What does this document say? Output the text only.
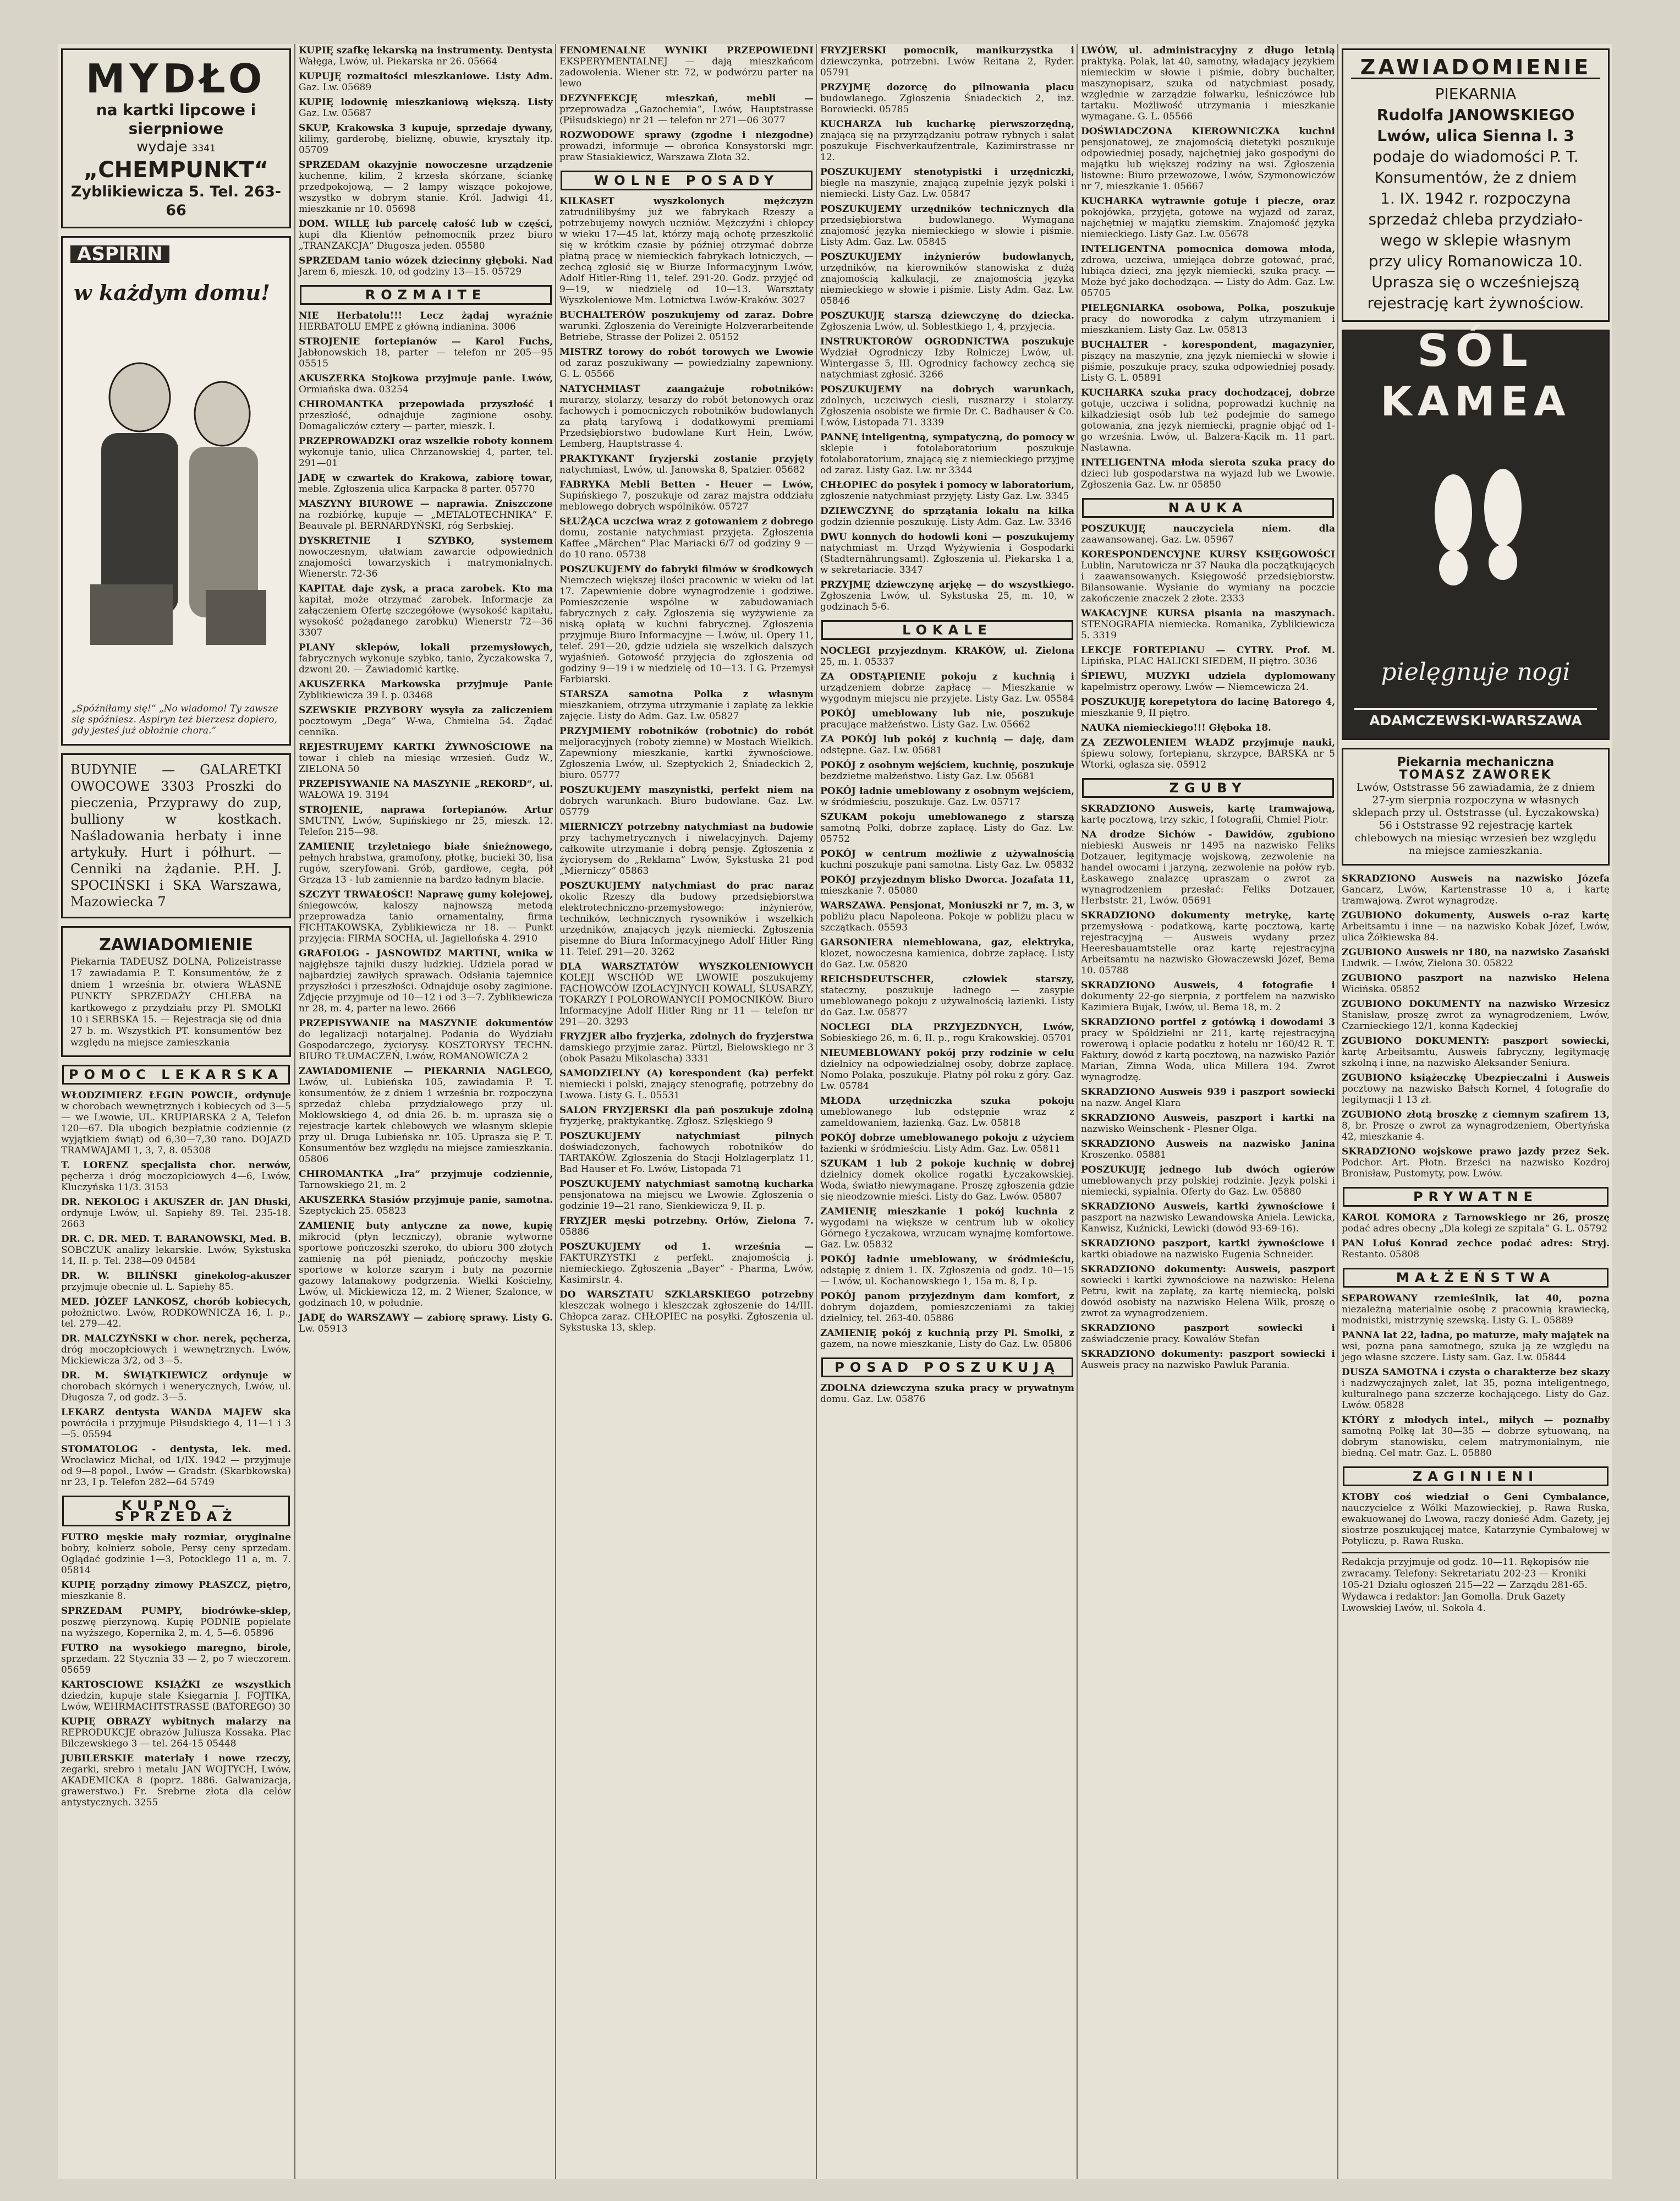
MYDŁO
na kartki lipcowe i sierpniowe
wydaje 3341
„CHEMPUNKT“
Zyblikiewicza 5. Tel. 263-66
ASPIRIN
w każdym domu!
„Spóźniłamy się!“ „No wiadomo! Ty zawsze się spóźniesz. Aspiryn też bierzesz dopiero, gdy jesteś już obłożnie chora.“
BUDYNIE — GALARETKI OWOCOWE 3303 Proszki do pieczenia, Przyprawy do zup, bulliony w kostkach. Naśladowania herbaty i inne artykuły. Hurt i półhurt. — Cenniki na żądanie. P.H. J. SPOCIŃSKI i SKA Warszawa, Mazowiecka 7
ZAWIADOMIENIE
Piekarnia TADEUSZ DOLNA, Polizeistrasse 17 zawiadamia P. T. Konsumentów, że z dniem 1 września br. otwiera WŁASNE PUNKTY SPRZEDAŻY CHLEBA na kartkowego z przydziału przy Pl. SMOLKI 10 i SERBSKA 15. — Rejestracja się od dnia 27 b. m. Wszystkich PT. konsumentów bez względu na miejsce zamieszkania
POMOC LEKARSKA

WŁODZIMIERZ ŁEGIN POWCIŁ, ordynuje w chorobach wewnętrznych i kobiecych od 3—5 — we Lwowie, UL. KRUPIARSKA 2 A, Telefon 120—67. Dla ubogich bezpłatnie codziennie (z wyjątkiem świąt) od 6,30—7,30 rano. DOJAZD TRAMWAJAMI 1, 3, 7, 8. 05308

T. LORENZ specjalista chor. nerwów, pęcherza i dróg moczopłciowych 4—6, Lwów, Kluczyńska 11/3. 3153

DR. NEKOLOG i AKUSZER dr. JAN Dłuski, ordynuje Lwów, ul. Sapiehy 89. Tel. 235-18. 2663

DR. C. DR. MED. T. BARANOWSKI, Med. B. SOBCZUK analizy lekarskie. Lwów, Sykstuska 14, II. p. Tel. 238—09 04584

DR. W. BILIŃSKI ginekolog-akuszer przyjmuje obecnie ul. L. Sapiehy 85.

MED. JÓZEF LANKOSZ, chorób kobiecych, położnictwo. Lwów, RODKOWNICZA 16, I. p., tel. 279—42.

DR. MALCZYŃSKI w chor. nerek, pęcherza, dróg moczopłciowych i wewnętrznych. Lwów, Mickiewicza 3/2, od 3—5.

DR. M. ŚWIĄTKIEWICZ ordynuje w chorobach skórnych i wenerycznych, Lwów, ul. Długosza 7, od godz. 3—5.

LEKARZ dentysta WANDA MAJEW ska powróciła i przyjmuje Piłsudskiego 4, 11—1 i 3—5. 05594

STOMATOLOG - dentysta, lek. med. Wrocławicz Michał, od 1/IX. 1942 — przyjmuje od 9—8 popoł., Lwów — Gradstr. (Skarbkowska) nr 23, I p. Telefon 282—64 5749

KUPNO — SPRZEDAŻ

FUTRO męskie mały rozmiar, oryginalne bobry, kołnierz sobole, Persy ceny sprzedam. Oglądać godzinie 1—3, Potocklego 11 a, m. 7. 05814

KUPIĘ porządny zimowy PŁASZCZ, piętro, mieszkanie 8.

SPRZEDAM PUMPY, biodrówke-sklep, poszwę pierzynową. Kupię PODNIE popielate na wyższego, Kopernika 2, m. 4, 5—6. 05896

FUTRO na wysokiego maregno, birole, sprzedam. 22 Stycznia 33 — 2, po 7 wieczorem. 05659

KARTOSCIOWE KSIĄŻKI ze wszystkich dziedzin, kupuje stale Księgarnia J. FOJTIKA, Lwów, WEHRMACHTSTRASSE (BATOREGO) 30

KUPIĘ OBRAZY wybitnych malarzy na REPRODUKCJE obrazów Juliusza Kossaka. Plac Bilczewskiego 3 — tel. 264-15 05448

JUBILERSKIE materiały i nowe rzeczy, zegarki, srebro i metalu JAN WOJTYCH, Lwów, AKADEMICKA 8 (poprz. 1886. Galwanizacja, grawerstwo.) Fr. Srebrne złota dla celów antystycznych. 3255

KUPIĘ szafkę lekarską na instrumenty. Dentysta Wałęga, Lwów, ul. Piekarska nr 26. 05664

KUPUJĘ rozmaitości mieszkaniowe. Listy Adm. Gaz. Lw. 05689

KUPIĘ lodownię mieszkaniową większą. Listy Gaz. Lw. 05687

SKUP, Krakowska 3 kupuje, sprzedaje dywany, kilimy, garderobę, bieliznę, obuwie, kryształy itp. 05709

SPRZEDAM okazyjnie nowoczesne urządzenie kuchenne, kilim, 2 krzesła skórzane, ściankę przedpokojową, — 2 lampy wiszące pokojowe, wszystko w dobrym stanie. Król. Jadwigi 41, mieszkanie nr 10. 05698

DOM. WILLĘ lub parcelę całość lub w części, kupi dla Klientów pełnomocnik przez biuro „TRANZAKCJA“ Długosza jeden. 05580

SPRZEDAM tanio wózek dziecinny głęboki. Nad Jarem 6, mieszk. 10, od godziny 13—15. 05729

ROZMAITE

NIE Herbatolu!!! Lecz żądaj wyraźnie HERBATOLU EMPE z główną indianina. 3006

STROJENIE fortepianów — Karol Fuchs, Jabłonowskich 18, parter — telefon nr 205—95 05515

AKUSZERKA Stojkowa przyjmuje panie. Lwów, Ormiańska dwa. 03254

CHIROMANTKA przepowiada przyszłość i przeszłość, odnajduje zaginione osoby. Domagaliczów cztery — parter, mieszk. I.

PRZEPROWADZKI oraz wszelkie roboty konnem wykonuje tanio, ulica Chrzanowskiej 4, parter, tel. 291—01

JADĘ w czwartek do Krakowa, zabiorę towar, meble. Zgłoszenia ulica Karpacka 8 parter. 05770

MASZYNY BIUROWE — naprawia. Zniszczone na rozbiórkę, kupuje — „METALOTECHNIKA“ F. Beauvale pl. BERNARDYŃSKI, róg Serbskiej.

DYSKRETNIE I SZYBKO, systemem nowoczesnym, ułatwiam zawarcie odpowiednich znajomości towarzyskich i matrymonialnych. Wienerstr. 72-36

KAPITAŁ daje zysk, a praca zarobek. Kto ma kapitał, może otrzymać zarobek. Informacje za załączeniem Ofertę szczegółowe (wysokość kapitału, wysokość pożądanego zarobku) Wienerstr 72—36 3307

PLANY sklepów, lokali przemysłowych, fabrycznych wykonuje szybko, tanio, Życzakowska 7, dzwoni 20. — Zawiadomić kartkę.

AKUSZERKA Markowska przyjmuje Panie Zyblikiewicza 39 I. p. 03468

SZEWSKIE PRZYBORY wysyła za zaliczeniem pocztowym „Dega“ W-wa, Chmielna 54. Żądać cennika.

REJESTRUJEMY KARTKI ŻYWNOŚCIOWE na towar i chleb na miesiąc wrzesień. Gudz W., ZIELONA 50

PRZEPISYWANIE NA MASZYNIE „REKORD“, ul. WAŁOWA 19. 3194

STROJENIE, naprawa fortepianów. Artur SMUTNY, Lwów, Supińskiego nr 25, mieszk. 12. Telefon 215—98.

ZAMIENIĘ trzyletniego białe śnieżnowego, pełnych hrabstwa, gramofony, płotkę, bucieki 30, lisa rugów, szeryfowani. Grób, gardłowe, cegłą, pół Grząza 13 - lub zamiennie na bardzo ładnym blacie.

SZCZYT TRWAŁOŚCI! Naprawę gumy kolejowej, śniegowców, kaloszy najnowszą metodą przeprowadza tanio ornamentalny, firma FICHTAKOWSKA, Zyblikiewicza nr 18. — Punkt przyjęcia: FIRMA SOCHA, ul. Jagiellońska 4. 2910

GRAFOLOG - JASNOWIDZ MARTINI, wnika w najgłębsze tajniki duszy ludzkiej. Udziela porad w najbardziej zawiłych sprawach. Odsłania tajemnice przyszłości i przeszłości. Odnajduje osoby zaginione. Zdjęcie przyjmuje od 10—12 i od 3—7. Zyblikiewicza nr 28, m. 4, parter na lewo. 2666

PRZEPISYWANIE na MASZYNIE dokumentów do legalizacji notarjalnej. Podania do Wydziału Gospodarczego, życiorysy. KOSZTORYSY TECHN. BIURO TŁUMACZEŃ, Lwów, ROMANOWICZA 2

ZAWIADOMIENIE — PIEKARNIA NAGLEGO, Lwów, ul. Lubieńska 105, zawiadamia P. T. konsumentów, że z dniem 1 września br. rozpoczyna sprzedaż chleba przydziałowego przy ul. Mokłowskiego 4, od dnia 26. b. m. uprasza się o rejestracje kartek chlebowych we własnym sklepie przy ul. Druga Lubieńska nr. 105. Uprasza się P. T. Konsumentów bez względu na miejsce zamieszkania. 05806

CHIROMANTKA „Ira“ przyjmuje codziennie, Tarnowskiego 21, m. 2

AKUSZERKA Stasiów przyjmuje panie, samotna. Szeptyckich 25. 05823

ZAMIENIĘ buty antyczne za nowe, kupię mikrocid (płyn leczniczy), obranie wytworne sportowe pończoszki szeroko, do ubioru 300 złotych zamienię na pół pieniądz, pończochy męskie sportowe w kolorze szarym i buty na pozornie gazowy latanakowy podgrzenia. Wielki Kościelny, Lwów, ul. Mickiewicza 12, m. 2 Wiener, Szalonce, w godzinach 10, w południe.

JADĘ do WARSZAWY — zabiorę sprawy. Listy G. Lw. 05913

FENOMENALNE WYNIKI PRZEPOWIEDNI EKSPERYMENTALNEJ — dają mieszkańcom zadowolenia. Wiener str. 72, w podwórzu parter na lewo

DEZYNFEKCJĘ mieszkań, mebli — przeprowadza „Gazochemia“, Lwów, Hauptstrasse (Piłsudskiego) nr 21 — telefon nr 271—06 3077

ROZWODOWE sprawy (zgodne i niezgodne) prowadzi, informuje — obrońca Konsystorski mgr. praw Stasiakiewicz, Warszawa Złota 32.

WOLNE POSADY

KILKASET wyszkolonych mężczyzn zatrudnilibyśmy już we fabrykach Rzeszy a potrzebujemy nowych uczniów. Mężczyźni i chłopcy w wieku 17—45 lat, którzy mają ochotę przeszkolić się w krótkim czasie by później otrzymać dobrze płatną pracę w niemieckich fabrykach lotniczych, — zechcą zgłosić się w Biurze Informacyjnym Lwów, Adolf Hitler-Ring 11, telef. 291-20. Godz. przyjęć od 9—19, w niedzielę od 10—13. Warsztaty Wyszkoleniowe Mm. Lotnictwa Lwów-Kraków. 3027

BUCHALTERÓW poszukujemy od zaraz. Dobre warunki. Zgłoszenia do Vereinigte Holzverarbeitende Betriebe, Strasse der Polizei 2. 05152

MISTRZ torowy do robót torowych we Lwowie od zaraz poszukiwany — powiedzialny zapewniony. G. L. 05566

NATYCHMIAST zaangażuje robotników: murarzy, stolarzy, tesarzy do robót betonowych oraz fachowych i pomocniczych robotników budowlanych za płatą taryfową i dodatkowymi premiami Przedsiębiorstwo budowlane Kurt Hein, Lwów, Lemberg, Hauptstrasse 4.

PRAKTYKANT fryzjerski zostanie przyjęty natychmiast, Lwów, ul. Janowska 8, Spatzier. 05682

FABRYKA Mebli Betten - Heuer — Lwów, Supińskiego 7, poszukuje od zaraz majstra oddziału meblowego dobrych wspólników. 05727

SŁUŻĄCA uczciwa wraz z gotowaniem z dobrego domu, zostanie natychmiast przyjęta. Zgłoszenia Kaffee „Märchen“ Plac Mariacki 6/7 od godziny 9 — do 10 rano. 05738

POSZUKUJEMY do fabryki filmów w środkowych Niemczech większej ilości pracownic w wieku od lat 17. Zapewnienie dobre wynagrodzenie i godziwe. Pomieszczenie wspólne w zabudowaniach fabrycznych z cały. Zgłoszenia się wyżywienie za niską opłatą w kuchni fabrycznej. Zgłoszenia przyjmuje Biuro Informacyjne — Lwów, ul. Opery 11, telef. 291—20, gdzie udziela się wszelkich dalszych wyjaśnień. Gotowość przyjęcia do zgłoszenia od godziny 9—19 i w niedzielę od 10—13. I G. Przemysł Farbiarski.

STARSZA samotna Polka z własnym mieszkaniem, otrzyma utrzymanie i zapłatę za lekkie zajęcie. Listy do Adm. Gaz. Lw. 05827

PRZYJMIEMY robotników (robotnic) do robót meljoracyjnych (roboty ziemne) w Mostach Wielkich. Zapewniony mieszkanie, kartki żywnościowe. Zgłoszenia Lwów, ul. Szeptyckich 2, Śniadeckich 2, biuro. 05777

POSZUKUJEMY maszynistki, perfekt niem na dobrych warunkach. Biuro budowlane. Gaz. Lw. 05779

MIERNICZY potrzebny natychmiast na budowie przy tachymetrycznych i niwelacyjnych. Dajemy całkowite utrzymanie i dobrą pensję. Zgłoszenia z życiorysem do „Reklama“ Lwów, Sykstuska 21 pod „Mierniczy“ 05863

POSZUKUJEMY natychmiast do prac naraz okolic Rzeszy dla budowy przedsiębiorstwa elektrotechniczno-przemysłowego: inżynierów, techników, technicznych rysowników i wszelkich urzędników, znających język niemiecki. Zgłoszenia pisemne do Biura Informacyjnego Adolf Hitler Ring 11. Telef. 291—20. 3262

DLA WARSZTATÓW WYSZKOLENIOWYCH KOLEJI WSCHÓD WE LWOWIE poszukujemy FACHOWCÓW IZOLACYJNYCH KOWALI, ŚLUSARZY, TOKARZY I POLOROWANYCH POMOCNIKÓW. Biuro Informacyjne Adolf Hitler Ring nr 11 — telefon nr 291—20. 3293

FRYZJER albo fryzjerka, zdolnych do fryzjerstwa damskiego przyjmie zaraz. Pürtzl, Bielowskiego nr 3 (obok Pasażu Mikolascha) 3331

SAMODZIELNY (A) korespondent (ka) perfekt niemiecki i polski, znający stenografię, potrzebny do Lwowa. Listy G. L. 05531

SALON FRYZJERSKI dla pań poszukuje zdolną fryzjerkę, praktykantkę. Zgłosz. Szlęskiego 9

POSZUKUJEMY natychmiast pilnych doświadczonych, fachowych robotników do TARTAKÓW. Zgłoszenia do Stacji Holzlagerplatz 11, Bad Hauser et Fo. Lwów, Listopada 71

POSZUKUJEMY natychmiast samotną kucharka pensjonatowa na miejscu we Lwowie. Zgłoszenia o godzinie 19—21 rano, Sienkiewicza 9, II. p.

FRYZJER męski potrzebny. Orłów, Zielona 7. 05886

POSZUKUJEMY od 1. września — FAKTURZYSTKI z perfekt. znajomością j. niemieckiego. Zgłoszenia „Bayer“ - Pharma, Lwów, Kasimirstr. 4.

DO WARSZTATU SZKLARSKIEGO potrzebny kleszczak wolnego i kleszczak zgłoszenie do 14/III. Chłopca zaraz. CHŁOPIEC na posyłki. Zgłoszenia ul. Sykstuska 13, sklep.

FRYZJERSKI pomocnik, manikurzystka i dziewczynka, potrzebni. Lwów Reitana 2, Ryder. 05791

PRZYJMĘ dozorcę do pilnowania placu budowlanego. Zgłoszenia Śniadeckich 2, inż. Borowiecki. 05785

KUCHARZA lub kucharkę pierwszorzędną, znającą się na przyrządzaniu potraw rybnych i sałat poszukuje Fischverkaufzentrale, Kazimirstrasse nr 12.

POSZUKUJEMY stenotypistki i urzędniczki, biegłe na maszynie, znającą zupełnie język polski i niemiecki. Listy Gaz. Lw. 05847

POSZUKUJEMY urzędników technicznych dla przedsiębiorstwa budowlanego. Wymagana znajomość języka niemieckiego w słowie i piśmie. Listy Adm. Gaz. Lw. 05845

POSZUKUJEMY inżynierów budowlanych, urzędników, na kierowników stanowiska z dużą znajomością kalkulacji, ze znajomością języka niemieckiego w słowie i piśmie. Listy Adm. Gaz. Lw. 05846

POSZUKUJĘ starszą dziewczynę do dziecka. Zgłoszenia Lwów, ul. Soblestkiego 1, 4, przyjęcia.

INSTRUKTORÓW OGRODNICTWA poszukuje Wydział Ogrodniczy Izby Rolniczej Lwów, ul. Wintergasse 5, III. Ogrodnicy fachowcy zechcą się natychmiast zgłosić. 3266

POSZUKUJEMY na dobrych warunkach, zdolnych, uczciwych ciesli, rusznarzy i stolarzy. Zgłoszenia osobiste we firmie Dr. C. Badhauser & Co. Lwów, Listopada 71. 3339

PANNĘ inteligentną, sympatyczną, do pomocy w sklepie i fotolaboratorium poszukuje fotolaboratorium, znającą się z niemieckiego przyjmę od zaraz. Listy Gaz. Lw. nr 3344

CHŁOPIEC do posyłek i pomocy w laboratorium, zgłoszenie natychmiast przyjęty. Listy Gaz. Lw. 3345

DZIEWCZYNĘ do sprzątania lokalu na kilka godzin dziennie poszukuję. Listy Adm. Gaz. Lw. 3346

DWU konnych do hodowli koni — poszukujemy natychmiast m. Urząd Wyżywienia i Gospodarki (Stadternährungsamt). Zgłoszenia ul. Piekarska 1 a, w sekretariacie. 3347

PRZYJMĘ dziewczynę arjękę — do wszystkiego. Zgłoszenia Lwów, ul. Sykstuska 25, m. 10, w godzinach 5-6.

LOKALE

NOCLEGI przyjezdnym. KRAKÓW, ul. Zielona 25, m. 1. 05337

ZA ODSTĄPIENIE pokoju z kuchnią i urządzeniem dobrze zapłacę — Mieszkanie w wygodnym miejscu nie przyjęte. Listy Gaz. Lw. 05584

POKÓJ umeblowany lub nie, poszukuje pracujące małżeństwo. Listy Gaz. Lw. 05662

ZA POKÓJ lub pokój z kuchnią — daję, dam odstępne. Gaz. Lw. 05681

POKÓJ z osobnym wejściem, kuchnię, poszukuje bezdzietne małżeństwo. Listy Gaz. Lw. 05681

POKÓJ ładnie umeblowany z osobnym wejściem, w śródmieściu, poszukuje. Gaz. Lw. 05717

SZUKAM pokoju umeblowanego z starszą samotną Polki, dobrze zapłacę. Listy do Gaz. Lw. 05752

POKÓJ w centrum możliwie z używalnością kuchni poszukuje pani samotna. Listy Gaz. Lw. 05832

POKÓJ przyjezdnym blisko Dworca. Jozafata 11, mieszkanie 7. 05080

WARSZAWA. Pensjonat, Moniuszki nr 7, m. 3, w pobliżu placu Napoleona. Pokoje w pobliżu placu w szczątkach. 05593

GARSONIERA niemeblowana, gaz, elektryka, klozet, nowoczesna kamienica, dobrze zapłacę. Listy do Gaz. Lw. 05820

REICHSDEUTSCHER, człowiek starszy, stateczny, poszukuje ładnego — zasypie umeblowanego pokoju z używalnością łazienki. Listy do Gaz. Lw. 05877

NOCLEGI DLA PRZYJEZDNYCH, Lwów, Sobieskiego 26, m. 6, II. p., rogu Krakowskiej. 05701

NIEUMEBLOWANY pokój przy rodzinie w celu dzielnicy na odpowiedzialnej osoby, dobrze zapłacę. Nomo Polaka, poszukuje. Płatny pół roku z góry. Gaz. Lw. 05784

MŁODA urzędniczka szuka pokoju umeblowanego lub odstępnie wraz z zameldowaniem, łazienką. Gaz. Lw. 05818

POKÓJ dobrze umeblowanego pokoju z użyciem łazienki w śródmieściu. Listy Adm. Gaz. Lw. 05811

SZUKAM 1 lub 2 pokoje kuchnię w dobrej dzielnicy domek okolice rogatki Łyczakowskiej. Woda, światło niewymagane. Proszę zgłoszenia gdzie się nieodzownie mieści. Listy do Gaz. Lwów. 05807

ZAMIENIĘ mieszkanie 1 pokój kuchnia z wygodami na większe w centrum lub w okolicy Górnego Łyczakowa, wrzucam wynajmę komfortowe. Gaz. Lw. 05832

POKÓJ ładnie umeblowany, w śródmieściu, odstąpię z dniem 1. IX. Zgłoszenia od godz. 10—15 — Lwów, ul. Kochanowskiego 1, 15a m. 8, I p.

POKÓJ panom przyjezdnym dam komfort, z dobrym dojazdem, pomieszczeniami za takiej dzielnicy, tel. 263-40. 05886

ZAMIENIĘ pokój z kuchnią przy Pl. Smolki, z gazem, na nowe mieszkanie, Listy do Gaz. Lw. 05806

POSAD POSZUKUJĄ

ZDOLNA dziewczyna szuka pracy w prywatnym domu. Gaz. Lw. 05876

LWÓW, ul. administracyjny z długo letnią praktyką. Polak, lat 40, samotny, władający językiem niemieckim w słowie i piśmie, dobry buchalter, maszynopisarz, szuka od natychmiast posady, względnie w zarządzie folwarku, leśniczówce lub tartaku. Możliwość utrzymania i mieszkanie wymagane. G. L. 05566

DOŚWIADCZONA KIEROWNICZKA kuchni pensjonatowej, ze znajomością dietetyki poszukuje odpowiedniej posady, najchętniej jako gospodyni do majątku lub większej rodziny na wsi. Zgłoszenia listowne: Biuro przewozowe, Lwów, Szymonowiczów nr 7, mieszkanie 1. 05667

KUCHARKA wytrawnie gotuje i piecze, oraz pokojówka, przyjęta, gotowe na wyjazd od zaraz, najchętniej w majątku ziemskim. Znajomość języka niemieckiego. Listy Gaz. Lw. 05678

INTELIGENTNA pomocnica domowa młoda, zdrowa, uczciwa, umiejąca dobrze gotować, prać, lubiąca dzieci, zna język niemiecki, szuka pracy. — Może być jako dochodząca. — Listy do Adm. Gaz. Lw. 05705

PIELĘGNIARKA osobowa, Polka, poszukuje pracy do noworodka z całym utrzymaniem i mieszkaniem. Listy Gaz. Lw. 05813

BUCHALTER - korespondent, magazynier, piszący na maszynie, zna język niemiecki w słowie i piśmie, poszukuje pracy, szuka odpowiedniej posady. Listy G. L. 05891

KUCHARKA szuka pracy dochodzącej, dobrze gotuje, uczciwa i solidna, poprowadzi kuchnię na kilkadziesiąt osób lub też podejmie do samego gotowania, zna język niemiecki, pragnie objąć od 1-go września. Lwów, ul. Balzera-Kącik m. 11 part. Nastawna.

INTELIGENTNA młoda sierota szuka pracy do dzieci lub gospodarstwa na wyjazd lub we Lwowie. Zgłoszenia Gaz. Lw. nr 05850

NAUKA

POSZUKUJĘ nauczyciela niem. dla zaawansowanej. Gaz. Lw. 05967

KORESPONDENCYJNE KURSY KSIĘGOWOŚCI Lublin, Narutowicza nr 37 Nauka dla początkujących i zaawansowanych. Księgowość przedsiębiorstw. Bilansowanie. Wysłanie do wymiany na poczcie zakończenie znaczek 2 złote. 2333

WAKACYJNE KURSA pisania na maszynach. STENOGRAFIA niemiecka. Romanika, Zyblikiewicza 5. 3319

LEKCJE FORTEPIANU — CYTRY. Prof. M. Lipińska, PLAC HALICKI SIEDEM, II piętro. 3036

ŚPIEWU, MUZYKI udziela dyplomowany kapelmistrz operowy. Lwów — Niemcewicza 24.

POSZUKUJĘ korepetytora do lacinę Batorego 4, mieszkanie 9, II piętro.

NAUKA niemieckiego!!! Głęboka 18.

ZA ZEZWOLENIEM WŁADZ przyjmuje nauki, śpiewu solowy, fortepianu, skrzypce, BARSKA nr 5 Wtorki, oglasza się. 05912

ZGUBY

SKRADZIONO Ausweis, kartę tramwajową, kartę pocztową, trzy szkic, I fotografii, Chmiel Piotr.

NA drodze Sichów - Dawidów, zgubiono niebieski Ausweis nr 1495 na nazwisko Feliks Dotzauer, legitymację wojskową, zezwolenie na handel owocami i jarzyną, zezwolenie na połów ryb. Łaskawego znalazcę upraszam o zwrot za wynagrodzeniem przesłać: Feliks Dotzauer, Herbststr. 21, Lwów. 05691

SKRADZIONO dokumenty metrykę, kartę przemysłową - podatkową, kartę pocztową, kartę rejestracyjną — Ausweis wydany przez Heeresbauamtstelle oraz kartę rejestracyjną Arbeitsamtu na nazwisko Głowaczewski Józef, Bema 10. 05788

SKRADZIONO Ausweis, 4 fotografie i dokumenty 22-go sierpnia, z portfelem na nazwisko Kazimiera Bujak, Lwów, ul. Bema 18, m. 2

SKRADZIONO portfel z gotówką i dowodami 3 pracy w Spółdzielni nr 211, kartę rejestracyjną rowerową i opłacie podatku z hotelu nr 160/42 R. T. Faktury, dowód z kartą pocztową, na nazwisko Paziór Marian, Zimna Woda, ulica Millera 194. Zwrot wynagrodzę.

SKRADZIONO Ausweis 939 i paszport sowiecki na nazw. Angel Klara

SKRADZIONO Ausweis, paszport i kartki na nazwisko Weinschenk - Plesner Olga.

SKRADZIONO Ausweis na nazwisko Janina Kroszenko. 05881

POSZUKUJĘ jednego lub dwóch ogierów umeblowanych przy polskiej rodzinie. Język polski i niemiecki, sypialnia. Oferty do Gaz. Lw. 05880

SKRADZIONO Ausweis, kartki żywnościowe i paszport na nazwisko Lewandowska Aniela. Lewicka, Kanwisz, Kuźnicki, Lewicki (dowód 93-69-16).

SKRADZIONO paszport, kartki żywnościowe i kartki obiadowe na nazwisko Eugenia Schneider.

SKRADZIONO dokumenty: Ausweis, paszport sowiecki i kartki żywnościowe na nazwisko: Helena Petru, kwit na zapłatę, za kartę niemiecką, polski dowód osobisty na nazwisko Helena Wilk, proszę o zwrot za wynagrodzeniem.

SKRADZIONO paszport sowiecki i zaświadczenie pracy. Kowalów Stefan

SKRADZIONO dokumenty: paszport sowiecki i Ausweis pracy na nazwisko Pawluk Parania.

ZAWIADOMIENIE
PIEKARNIA
Rudolfa JANOWSKIEGO
Lwów, ulica Sienna l. 3
podaje do wiadomości P. T.
Konsumentów, że z dniem
1. IX. 1942 r. rozpoczyna
sprzedaż chleba przydziało-
wego w sklepie własnym
przy ulicy Romanowicza 10.
Uprasza się o wcześniejszą
rejestrację kart żywnościow.
SÓL
KAMEA
pielęgnuje nogi
ADAMCZEWSKI-WARSZAWA
Piekarnia mechaniczna
TOMASZ ZAWOREK
Lwów, Oststrasse 56 zawiadamia, że z dniem 27-ym sierpnia rozpoczyna w własnych sklepach przy ul. Oststrasse (ul. Łyczakowska) 56 i Oststrasse 92 rejestrację kartek chlebowych na miesiąc wrzesień bez względu na miejsce zamieszkania.

SKRADZIONO Ausweis na nazwisko Józefa Gancarz, Lwów, Kartenstrasse 10 a, i kartę tramwajową. Zwrot wynagrodzę.

ZGUBIONO dokumenty, Ausweis o-raz kartę Arbeitsamtu i inne — na nazwisko Kobak Józef, Lwów, ulica Żółkiewska 84.

ZGUBIONO Ausweis nr 180, na nazwisko Zasański Ludwik. — Lwów, Zielona 30. 05822

ZGUBIONO paszport na nazwisko Helena Wicińska. 05852

ZGUBIONO DOKUMENTY na nazwisko Wrzesicz Stanisław, proszę zwrot za wynagrodzeniem, Lwów, Czarnieckiego 12/1, konna Kądeckiej

ZGUBIONO DOKUMENTY: paszport sowiecki, kartę Arbeitsamtu, Ausweis fabryczny, legitymację szkolną i inne, na nazwisko Aleksander Seniura.

ZGUBIONO książeczkę Ubezpieczalni i Ausweis pocztowy na nazwisko Bałsch Kornel, 4 fotografie do legitymacji 1 13 zł.

ZGUBIONO złotą broszkę z ciemnym szafirem 13, 8, br. Proszę o zwrot za wynagrodzeniem, Obertyńska 42, mieszkanie 4.

SKRADZIONO wojskowe prawo jazdy przez Sek. Podchor. Art. Płotn. Brześci na nazwisko Kozdroj Bronisław, Pustomyty, pow. Lwów.

PRYWATNE

KAROL KOMORA z Tarnowskiego nr 26, proszę podać adres obecny „Dla kolegi ze szpitala“ G. L. 05792

PAN Lołuś Konrad zechce podać adres: Stryj. Restanto. 05808

MAŁŻEŃSTWA

SEPAROWANY rzemieślnik, lat 40, pozna niezależną materialnie osobę z pracownią krawiecką, modnistki, mistrzynię szewską. Listy G. L. 05889

PANNA lat 22, ładna, po maturze, mały majątek na wsi, pozna pana samotnego, szuka ją ze względu na jego własne szczere. Listy sam. Gaz. Lw. 05844

DUSZA SAMOTNA i czysta o charakterze bez skazy i nadzwyczajnych zalet, lat 35, pozna inteligentnego, kulturalnego pana szczerze kochającego. Listy do Gaz. Lwów. 05828

KTÓRY z młodych intel., miłych — poznałby samotną Polkę lat 30—35 — dobrze sytuowaną, na dobrym stanowisku, celem matrymonialnym, nie biedną. Cel matr. Gaz. L. 05880

ZAGINIENI

KTOBY coś wiedział o Geni Cymbalance, nauczycielce z Wólki Mazowieckiej, p. Rawa Ruska, ewakuowanej do Lwowa, raczy donieść Adm. Gazety, jej siostrze poszukującej matce, Katarzynie Cymbałowej w Potyliczu, p. Rawa Ruska.

Redakcja przyjmuje od godz. 10—11. Rękopisów nie zwracamy. Telefony: Sekretariatu 202-23 — Kroniki 105-21 Działu ogłoszeń 215—22 — Zarządu 281-65. Wydawca i redaktor: Jan Gomolla. Druk Gazety Lwowskiej Lwów, ul. Sokoła 4.
